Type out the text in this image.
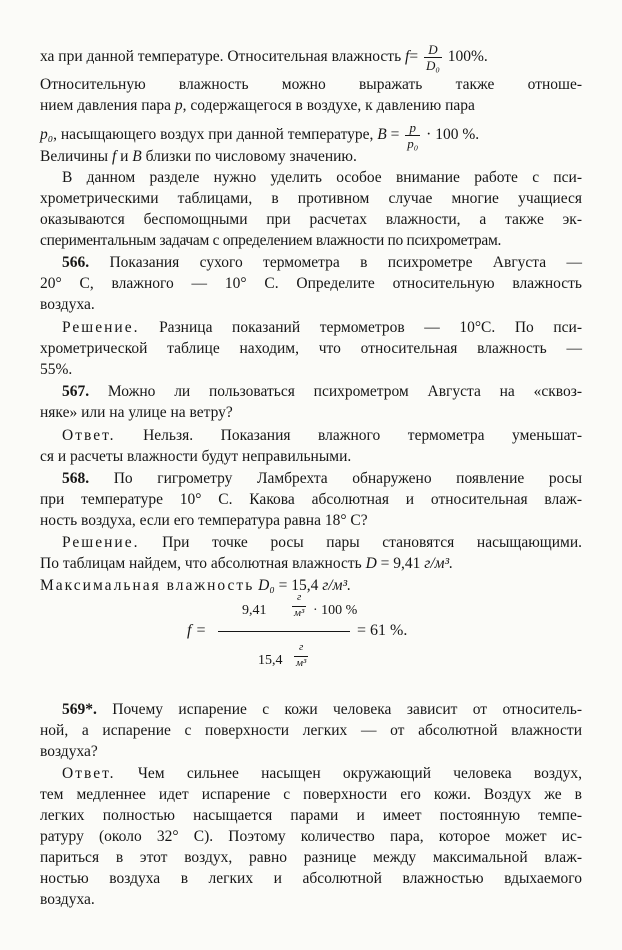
ха при данной температуре. Относительная влажность $f= \frac{D}{\text{D₀}} 100\%$.
Относительную влажность можно выражать также отноше-
нием давления пара p, содержащегося в воздухе, к давлению пара
p₀, насыщающего воздух при данной температуре, $B = \frac{p}{\text{p₀}} \cdot 100$ %.
Величины f и B близки по числовому значению.
В данном разделе нужно уделить особое внимание работе с пси-
хрометрическими таблицами, в противном случае многие учащиеся
оказываются беспомощными при расчетах влажности, а также эк-
спериментальным задачам с определением влажности по психрометрам.
566. Показания сухого термометра в психрометре Августа —
20° С, влажного — 10° С. Определите относительную влажность
воздуха.
Решение. Разница показаний термометров — 10°С. По пси-
хрометрической таблице находим, что относительная влажность —
55%.
567. Можно ли пользоваться психрометром Августа на «сквоз-
няке» или на улице на ветру?
Ответ. Нельзя. Показания влажного термометра уменьшат-
ся и расчеты влажности будут неправильными.
568. По гигрометру Ламбрехта обнаружено появление росы
при температуре 10° С. Какова абсолютная и относительная влаж-
ность воздуха, если его температура равна 18° С?
Решение. При точке росы пары становятся насыщающими.
По таблицам найдем, что абсолютная влажность D = 9,41 г/м³.
Максимальная влажность D₀ = 15,4 г/м³.
f =
9,41
г
м³ · 100 %
15,4
г
м³
= 61 %.
569*. Почему испарение с кожи человека зависит от относитель-
ной, а испарение с поверхности легких — от абсолютной влажности
воздуха?
Ответ. Чем сильнее насыщен окружающий человека воздух,
тем медленнее идет испарение с поверхности его кожи. Воздух же в
легких полностью насыщается парами и имеет постоянную темпе-
ратуру (около 32° С). Поэтому количество пара, которое может ис-
париться в этот воздух, равно разнице между максимальной влаж-
ностью воздуха в легких и абсолютной влажностью вдыхаемого
воздуха.
